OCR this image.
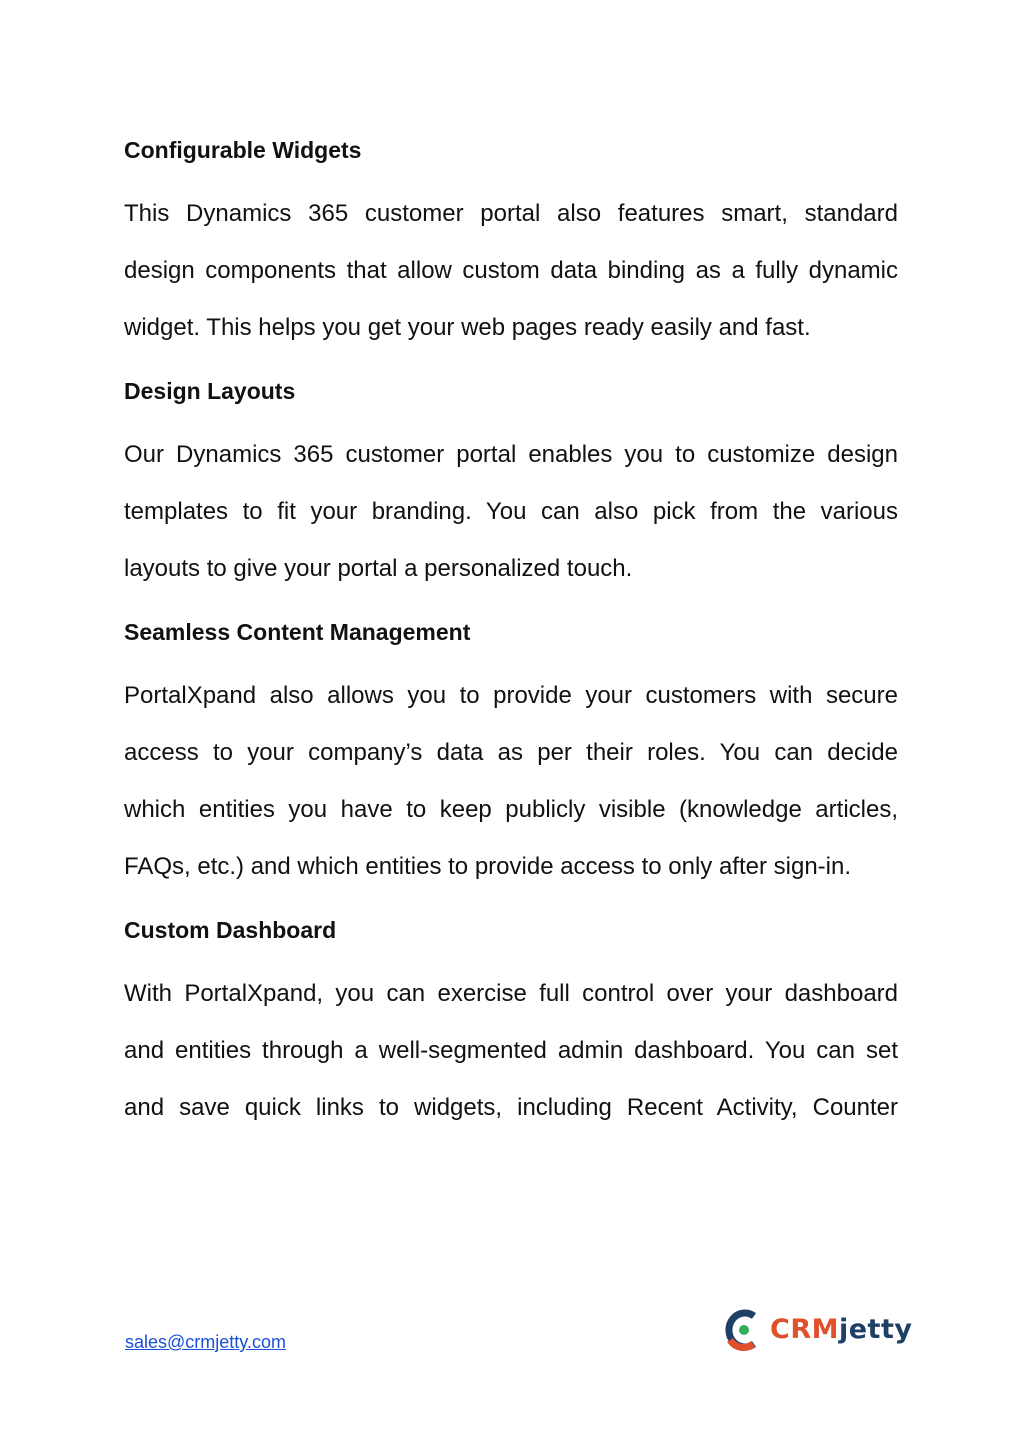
Configurable Widgets
This Dynamics 365 customer portal also features smart, standard
design components that allow custom data binding as a fully dynamic
widget. This helps you get your web pages ready easily and fast.
Design Layouts
Our Dynamics 365 customer portal enables you to customize design
templates to fit your branding. You can also pick from the various
layouts to give your portal a personalized touch.
Seamless Content Management
PortalXpand also allows you to provide your customers with secure
access to your company’s data as per their roles. You can decide
which entities you have to keep publicly visible (knowledge articles,
FAQs, etc.) and which entities to provide access to only after sign-in.
Custom Dashboard
With PortalXpand, you can exercise full control over your dashboard
and entities through a well-segmented admin dashboard. You can set
and save quick links to widgets, including Recent Activity, Counter
sales@crmjetty.com	CRMjetty
